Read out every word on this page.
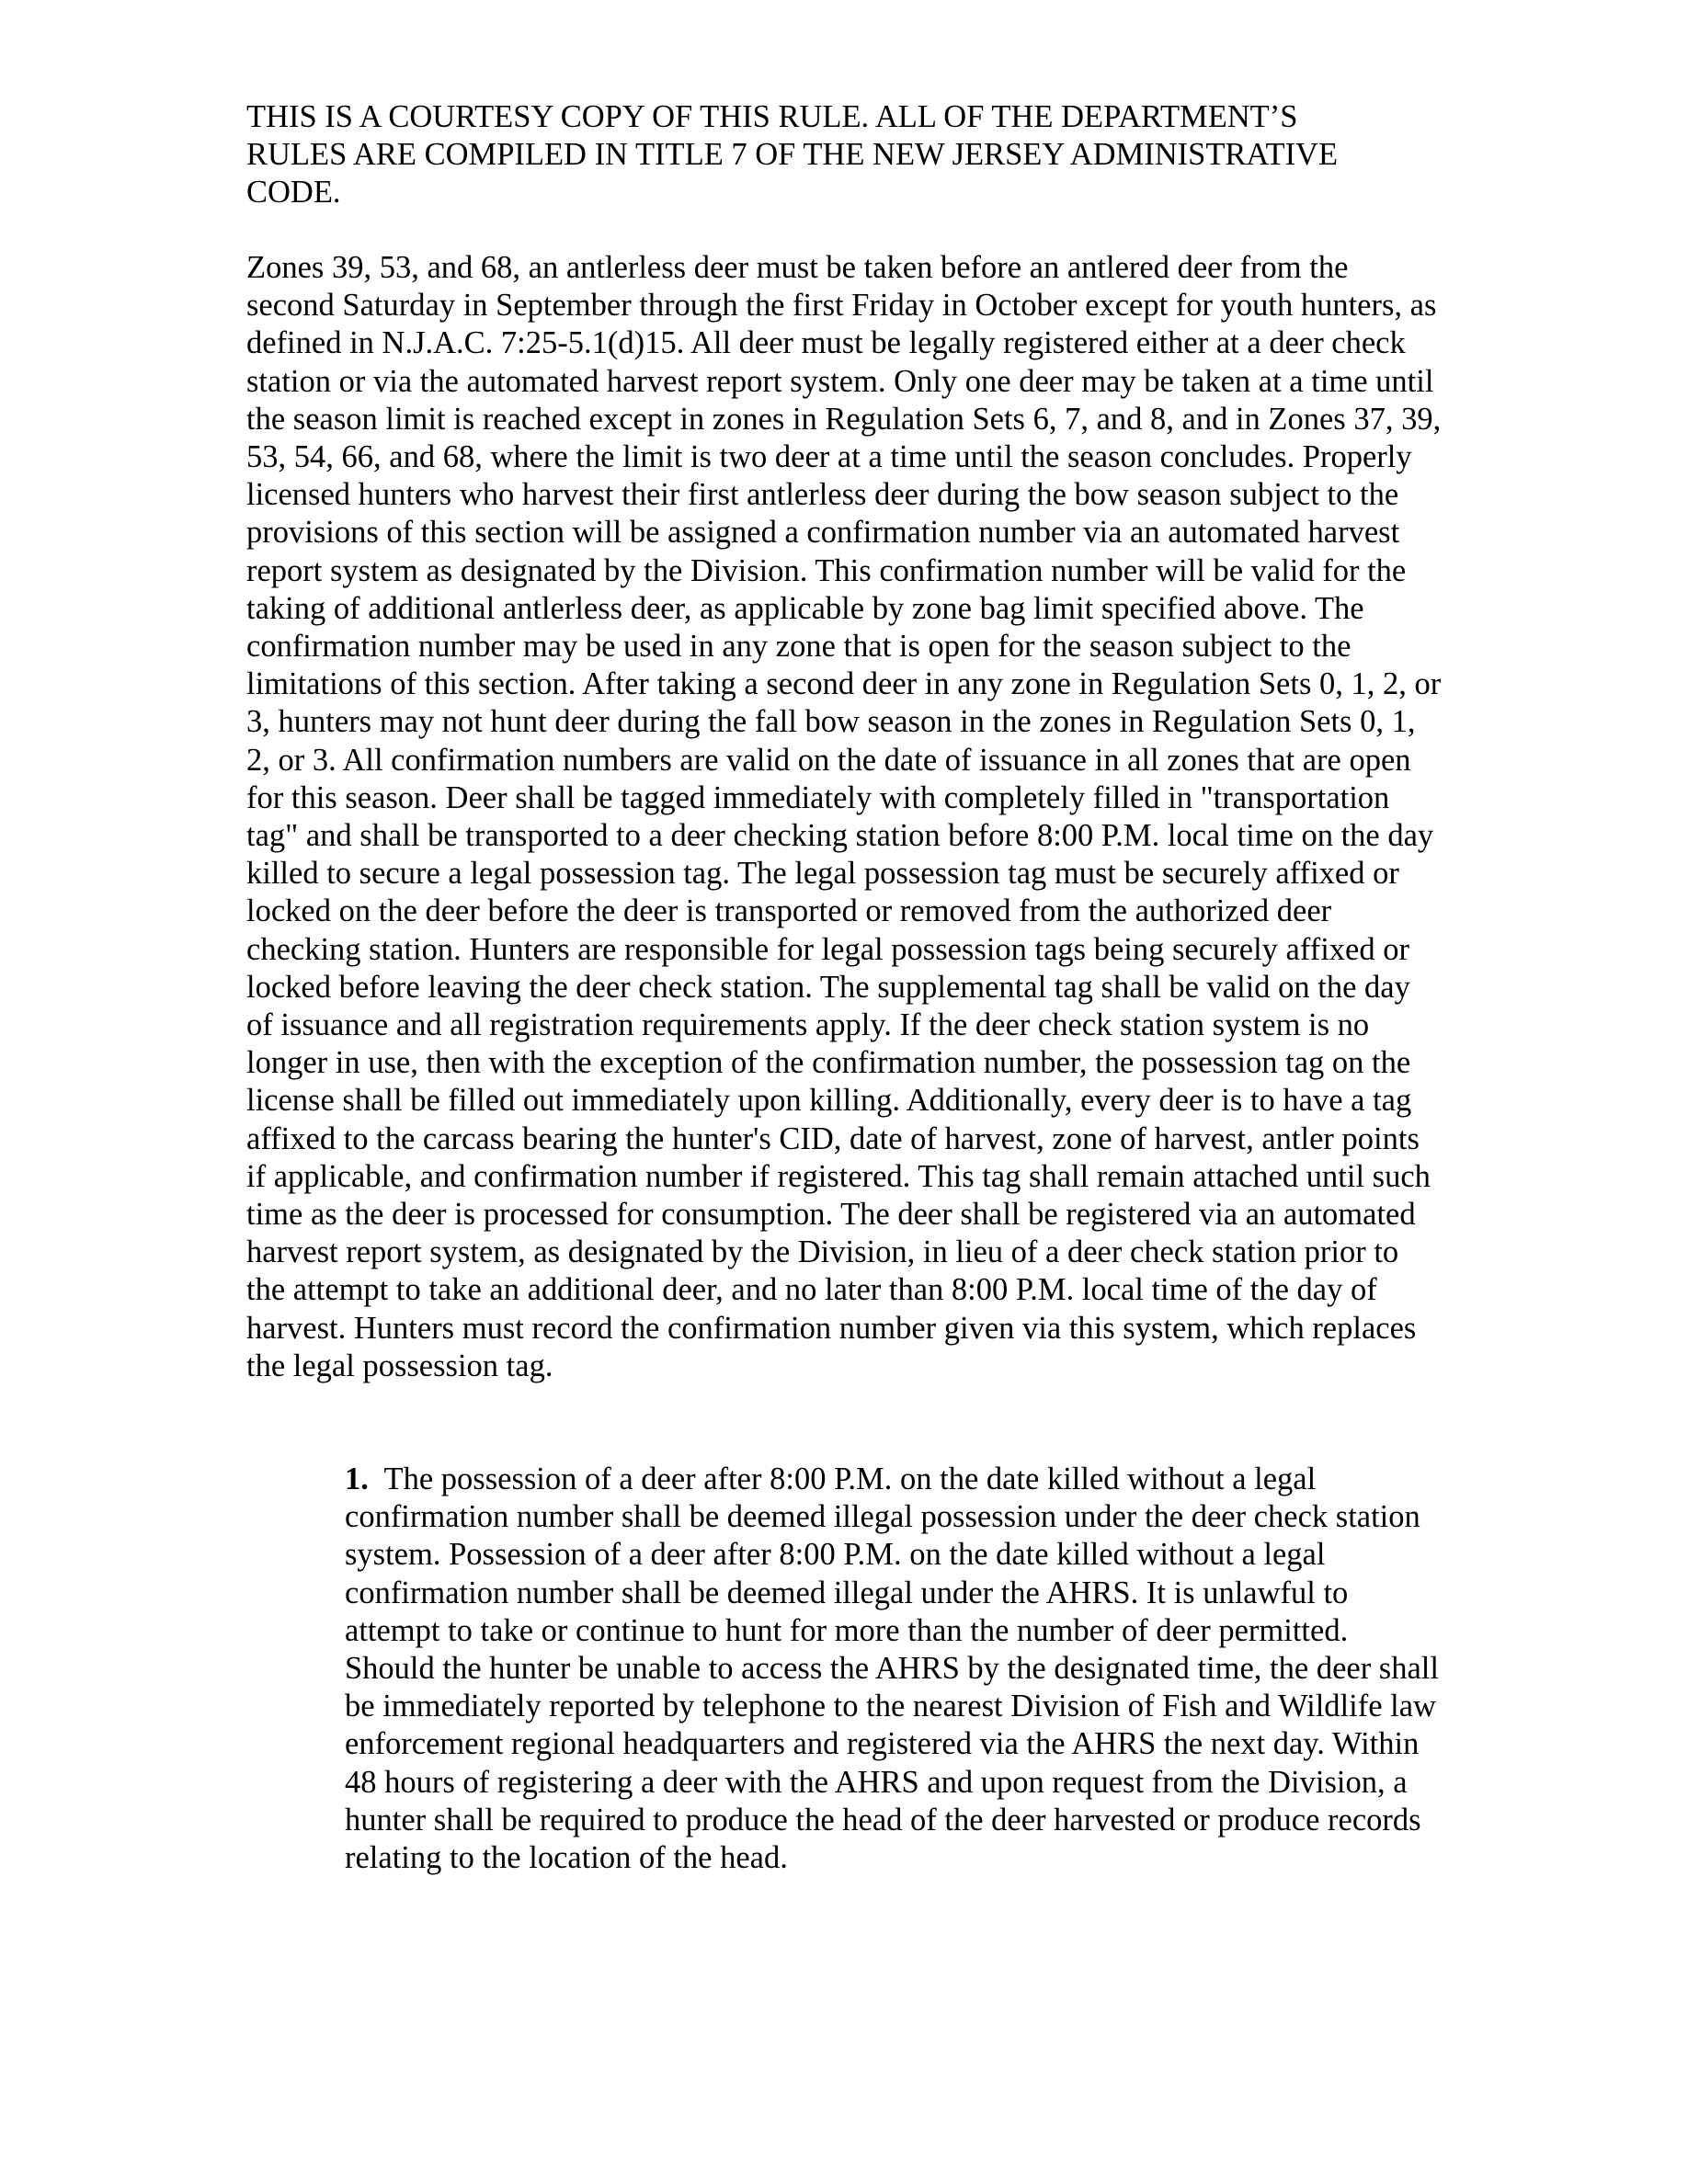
THIS IS A COURTESY COPY OF THIS RULE. ALL OF THE DEPARTMENT’S
RULES ARE COMPILED IN TITLE 7 OF THE NEW JERSEY ADMINISTRATIVE
CODE.

Zones 39, 53, and 68, an antlerless deer must be taken before an antlered deer from the second Saturday in September through the first Friday in October except for youth hunters, as defined in N.J.A.C. 7:25-5.1(d)15. All deer must be legally registered either at a deer check station or via the automated harvest report system. Only one deer may be taken at a time until the season limit is reached except in zones in Regulation Sets 6, 7, and 8, and in Zones 37, 39, 53, 54, 66, and 68, where the limit is two deer at a time until the season concludes. Properly licensed hunters who harvest their first antlerless deer during the bow season subject to the provisions of this section will be assigned a confirmation number via an automated harvest report system as designated by the Division. This confirmation number will be valid for the taking of additional antlerless deer, as applicable by zone bag limit specified above. The confirmation number may be used in any zone that is open for the season subject to the limitations of this section. After taking a second deer in any zone in Regulation Sets 0, 1, 2, or 3, hunters may not hunt deer during the fall bow season in the zones in Regulation Sets 0, 1, 2, or 3. All confirmation numbers are valid on the date of issuance in all zones that are open for this season. Deer shall be tagged immediately with completely filled in "transportation tag" and shall be transported to a deer checking station before 8:00 P.M. local time on the day killed to secure a legal possession tag. The legal possession tag must be securely affixed or locked on the deer before the deer is transported or removed from the authorized deer checking station. Hunters are responsible for legal possession tags being securely affixed or locked before leaving the deer check station. The supplemental tag shall be valid on the day of issuance and all registration requirements apply. If the deer check station system is no longer in use, then with the exception of the confirmation number, the possession tag on the license shall be filled out immediately upon killing. Additionally, every deer is to have a tag affixed to the carcass bearing the hunter's CID, date of harvest, zone of harvest, antler points if applicable, and confirmation number if registered. This tag shall remain attached until such time as the deer is processed for consumption. The deer shall be registered via an automated harvest report system, as designated by the Division, in lieu of a deer check station prior to the attempt to take an additional deer, and no later than 8:00 P.M. local time of the day of harvest. Hunters must record the confirmation number given via this system, which replaces the legal possession tag.

1. The possession of a deer after 8:00 P.M. on the date killed without a legal confirmation number shall be deemed illegal possession under the deer check station system. Possession of a deer after 8:00 P.M. on the date killed without a legal confirmation number shall be deemed illegal under the AHRS. It is unlawful to attempt to take or continue to hunt for more than the number of deer permitted. Should the hunter be unable to access the AHRS by the designated time, the deer shall be immediately reported by telephone to the nearest Division of Fish and Wildlife law enforcement regional headquarters and registered via the AHRS the next day. Within 48 hours of registering a deer with the AHRS and upon request from the Division, a hunter shall be required to produce the head of the deer harvested or produce records relating to the location of the head.
